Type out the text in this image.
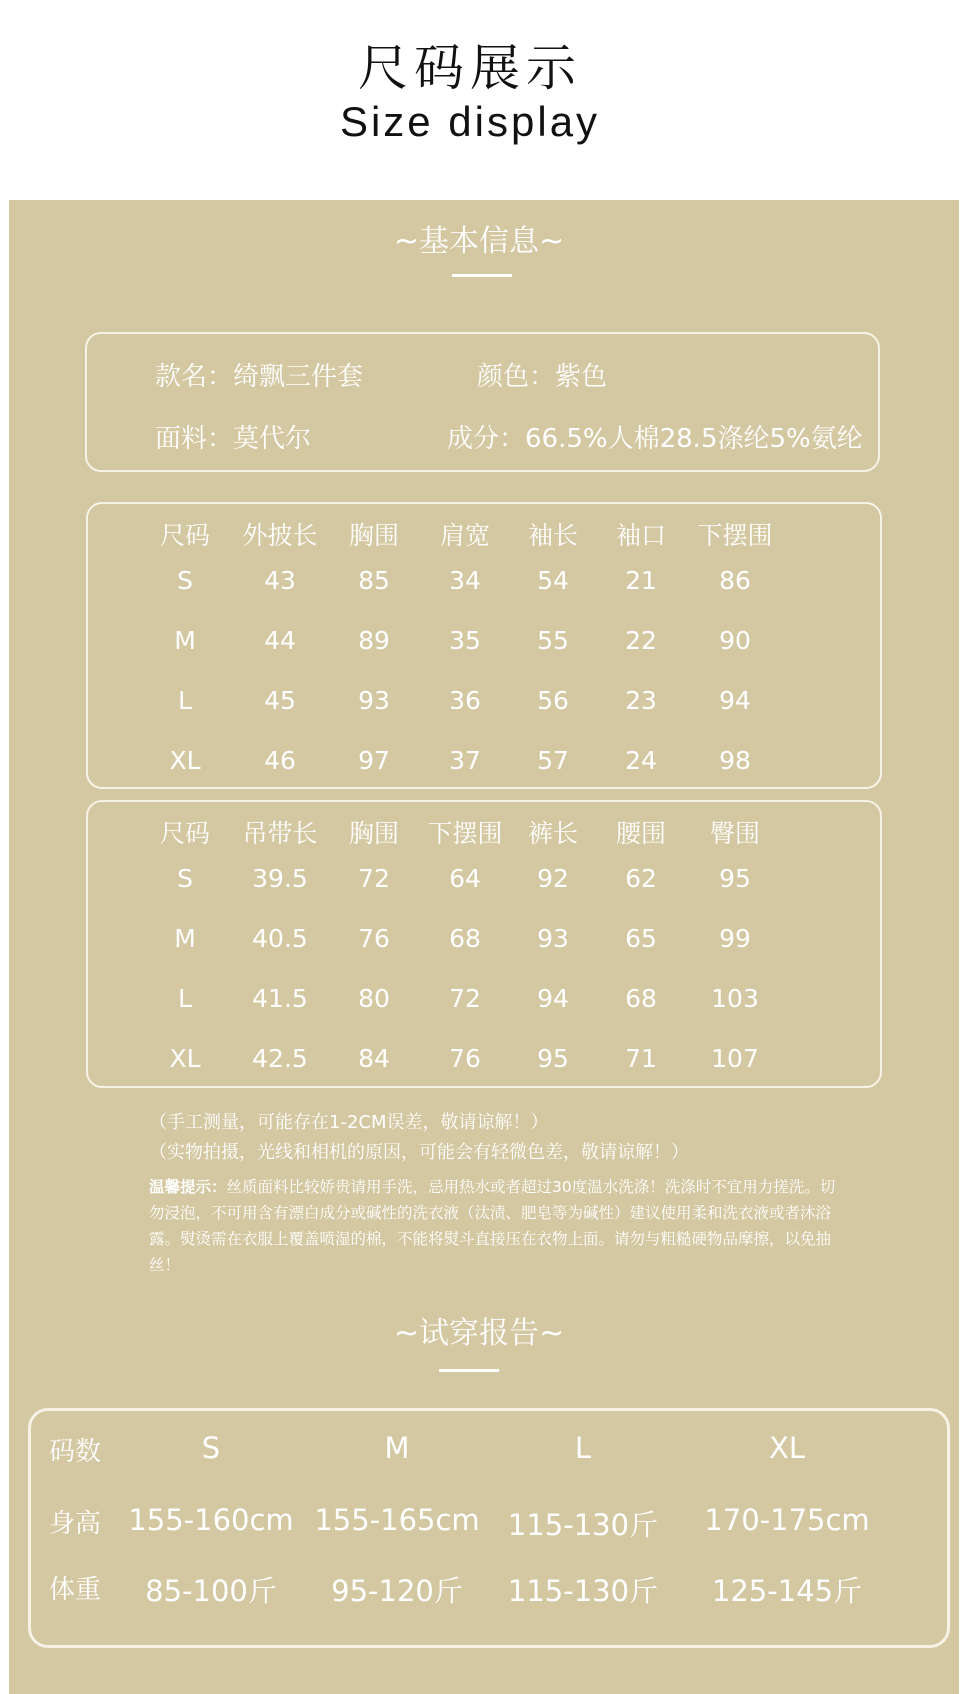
尺码展示
Size display
~基本信息~
款名：绮飘三件套	颜色：紫色
面料：莫代尔	成分：66.5%人棉28.5涤纶5%氨纶
尺码	外披长	胸围	肩宽	袖长	袖口	下摆围
S	43	85	34	54	21	86
M	44	89	35	55	22	90
L	45	93	36	56	23	94
XL	46	97	37	57	24	98
尺码	吊带长	胸围	下摆围	裤长	腰围	臀围
S	39.5	72	64	92	62	95
M	40.5	76	68	93	65	99
L	41.5	80	72	94	68	103
XL	42.5	84	76	95	71	107
（手工测量，可能存在1-2CM误差，敬请谅解！）
（实物拍摄，光线和相机的原因，可能会有轻微色差，敬请谅解！）
温馨提示：丝质面料比较娇贵请用手洗，忌用热水或者超过30度温水洗涤！洗涤时不宜用力搓洗。切勿浸泡，不可用含有漂白成分或碱性的洗衣液（汰渍、肥皂等为碱性）建议使用柔和洗衣液或者沐浴露。熨烫需在衣服上覆盖喷湿的棉，不能将熨斗直接压在衣物上面。请勿与粗糙硬物品摩擦，以免抽丝！
~试穿报告~
码数	S	M	L	XL
身高 155-160cm 155-165cm 115-130斤	170-175cm
体重	85-100斤	95-120斤	115-130斤	125-145斤
